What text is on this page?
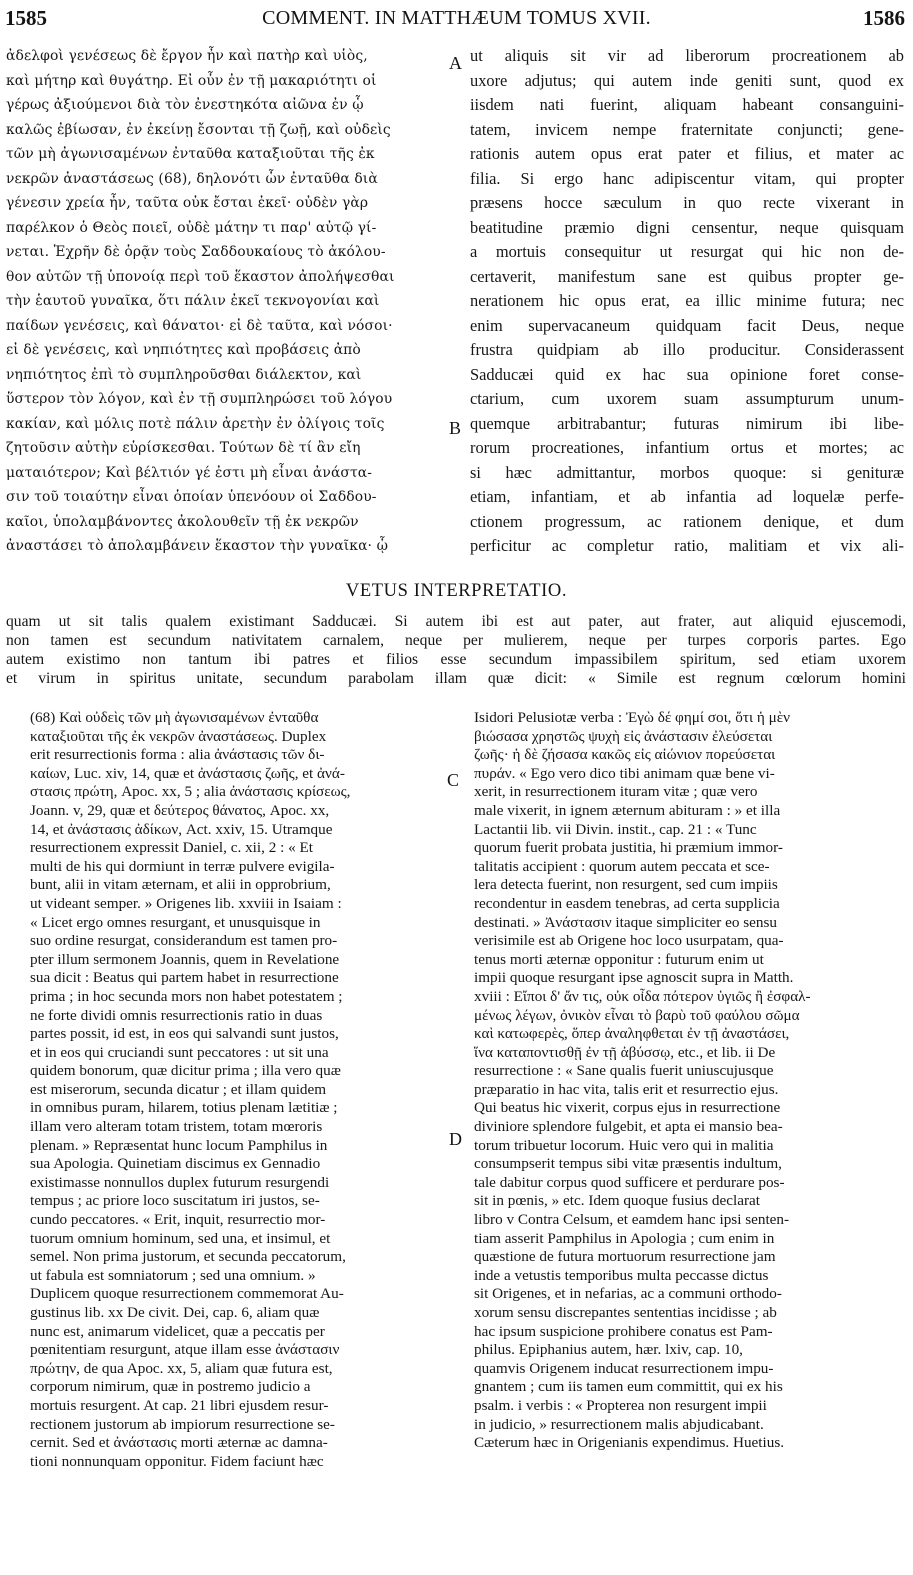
1585	COMMENT. IN MATTHÆUM TOMUS XVII.	1586

ἀδελφοὶ γενέσεως δὲ ἔργον ἦν καὶ πατὴρ καὶ υἱὸς,

καὶ μήτηρ καὶ θυγάτηρ. Εἰ οὖν ἐν τῇ μακαριότητι οἱ

γέρως ἀξιούμενοι διὰ τὸν ἐνεστηκότα αἰῶνα ἐν ᾧ

καλῶς ἐβίωσαν, ἐν ἐκείνῃ ἔσονται τῇ ζωῇ, καὶ οὐδεὶς

τῶν μὴ ἀγωνισαμένων ἐνταῦθα καταξιοῦται τῆς ἐκ

νεκρῶν ἀναστάσεως (68), δηλονότι ὧν ἐνταῦθα διὰ

γένεσιν χρεία ἦν, ταῦτα οὐκ ἔσται ἐκεῖ· οὐδὲν γὰρ

παρέλκον ὁ Θεὸς ποιεῖ, οὐδὲ μάτην τι παρ' αὐτῷ γί-

νεται. Ἐχρῆν δὲ ὁρᾷν τοὺς Σαδδουκαίους τὸ ἀκόλου-

θον αὐτῶν τῇ ὑπονοίᾳ περὶ τοῦ ἕκαστον ἀπολήψεσθαι

τὴν ἑαυτοῦ γυναῖκα, ὅτι πάλιν ἐκεῖ τεκνογονίαι καὶ

παίδων γενέσεις, καὶ θάνατοι· εἰ δὲ ταῦτα, καὶ νόσοι·

εἰ δὲ γενέσεις, καὶ νηπιότητες καὶ προβάσεις ἀπὸ

νηπιότητος ἐπὶ τὸ συμπληροῦσθαι διάλεκτον, καὶ

ὕστερον τὸν λόγον, καὶ ἐν τῇ συμπληρώσει τοῦ λόγου

κακίαν, καὶ μόλις ποτὲ πάλιν ἀρετὴν ἐν ὀλίγοις τοῖς

ζητοῦσιν αὐτὴν εὑρίσκεσθαι. Τούτων δὲ τί ἂν εἴη

ματαιότερον; Καὶ βέλτιόν γέ ἐστι μὴ εἶναι ἀνάστα-

σιν τοῦ τοιαύτην εἶναι ὁποίαν ὑπενόουν οἱ Σαδδου-

καῖοι, ὑπολαμβάνοντες ἀκολουθεῖν τῇ ἐκ νεκρῶν

ἀναστάσει τὸ ἀπολαμβάνειν ἕκαστον τὴν γυναῖκα· ᾧ

ut aliquis sit vir ad liberorum procreationem ab

uxore adjutus; qui autem inde geniti sunt, quod ex

iisdem nati fuerint, aliquam habeant consanguini-

tatem, invicem nempe fraternitate conjuncti; gene-

rationis autem opus erat pater et filius, et mater ac

filia. Si ergo hanc adipiscentur vitam, qui propter

præsens hocce sæculum in quo recte vixerant in

beatitudine præmio digni censentur, neque quisquam

a mortuis consequitur ut resurgat qui hic non de-

certaverit, manifestum sane est quibus propter ge-

nerationem hic opus erat, ea illic minime futura; nec

enim supervacaneum quidquam facit Deus, neque

frustra quidpiam ab illo producitur. Considerassent

Sadducæi quid ex hac sua opinione foret conse-

ctarium, cum uxorem suam assumpturum unum-

quemque arbitrabantur; futuras nimirum ibi libe-

rorum procreationes, infantium ortus et mortes; ac

si hæc admittantur, morbos quoque: si genituræ

etiam, infantiam, et ab infantia ad loquelæ perfe-

ctionem progressum, ac rationem denique, et dum

perficitur ac completur ratio, malitiam et vix ali-

A
B
C
D
VETUS INTERPRETATIO.

quam ut sit talis qualem existimant Sadducæi. Si autem ibi est aut pater, aut frater, aut aliquid ejuscemodi,

non tamen est secundum nativitatem carnalem, neque per mulierem, neque per turpes corporis partes. Ego

autem existimo non tantum ibi patres et filios esse secundum impassibilem spiritum, sed etiam uxorem

et virum in spiritus unitate, secundum parabolam illam quæ dicit: « Simile est regnum cœlorum homini

(68) Καὶ οὐδεὶς τῶν μὴ ἀγωνισαμένων ἐνταῦθα

καταξιοῦται τῆς ἐκ νεκρῶν ἀναστάσεως. Duplex

erit resurrectionis forma : alia ἀνάστασις τῶν δι-

καίων, Luc. xiv, 14, quæ et ἀνάστασις ζωῆς, et ἀνά-

στασις πρώτη, Apoc. xx, 5 ; alia ἀνάστασις κρίσεως,

Joann. v, 29, quæ et δεύτερος θάνατος, Apoc. xx,

14, et ἀνάστασις ἀδίκων, Act. xxiv, 15. Utramque

resurrectionem expressit Daniel, c. xii, 2 : « Et

multi de his qui dormiunt in terræ pulvere evigila-

bunt, alii in vitam æternam, et alii in opprobrium,

ut videant semper. » Origenes lib. xxviii in Isaiam :

« Licet ergo omnes resurgant, et unusquisque in

suo ordine resurgat, considerandum est tamen pro-

pter illum sermonem Joannis, quem in Revelatione

sua dicit : Beatus qui partem habet in resurrectione

prima ; in hoc secunda mors non habet potestatem ;

ne forte dividi omnis resurrectionis ratio in duas

partes possit, id est, in eos qui salvandi sunt justos,

et in eos qui cruciandi sunt peccatores : ut sit una

quidem bonorum, quæ dicitur prima ; illa vero quæ

est miserorum, secunda dicatur ; et illam quidem

in omnibus puram, hilarem, totius plenam lætitiæ ;

illam vero alteram totam tristem, totam mœroris

plenam. » Repræsentat hunc locum Pamphilus in

sua Apologia. Quinetiam discimus ex Gennadio

existimasse nonnullos duplex futurum resurgendi

tempus ; ac priore loco suscitatum iri justos, se-

cundo peccatores. « Erit, inquit, resurrectio mor-

tuorum omnium hominum, sed una, et insimul, et

semel. Non prima justorum, et secunda peccatorum,

ut fabula est somniatorum ; sed una omnium. »

Duplicem quoque resurrectionem commemorat Au-

gustinus lib. xx De civit. Dei, cap. 6, aliam quæ

nunc est, animarum videlicet, quæ a peccatis per

pœnitentiam resurgunt, atque illam esse ἀνάστασιν

πρώτην, de qua Apoc. xx, 5, aliam quæ futura est,

corporum nimirum, quæ in postremo judicio a

mortuis resurgent. At cap. 21 libri ejusdem resur-

rectionem justorum ab impiorum resurrectione se-

cernit. Sed et ἀνάστασις morti æternæ ac damna-

tioni nonnunquam opponitur. Fidem faciunt hæc

Isidori Pelusiotæ verba : Ἐγὼ δέ φημί σοι, ὅτι ἡ μὲν

βιώσασα χρηστῶς ψυχὴ εἰς ἀνάστασιν ἐλεύσεται

ζωῆς· ἡ δὲ ζήσασα κακῶς εἰς αἰώνιον πορεύσεται

πυράν. « Ego vero dico tibi animam quæ bene vi-

xerit, in resurrectionem ituram vitæ ; quæ vero

male vixerit, in ignem æternum abituram : » et illa

Lactantii lib. vii Divin. instit., cap. 21 : « Tunc

quorum fuerit probata justitia, hi præmium immor-

talitatis accipient : quorum autem peccata et sce-

lera detecta fuerint, non resurgent, sed cum impiis

recondentur in easdem tenebras, ad certa supplicia

destinati. » Ἀνάστασιν itaque simpliciter eo sensu

verisimile est ab Origene hoc loco usurpatam, qua-

tenus morti æternæ opponitur : futurum enim ut

impii quoque resurgant ipse agnoscit supra in Matth.

xviii : Εἴποι δ' ἄν τις, οὐκ οἶδα πότερον ὑγιῶς ἢ ἐσφαλ-

μένως λέγων, ὀνικὸν εἶναι τὸ βαρὺ τοῦ φαύλου σῶμα

καὶ κατωφερὲς, ὅπερ ἀναληφθεται ἐν τῇ ἀναστάσει,

ἵνα καταποντισθῇ ἐν τῇ ἀβύσσῳ, etc., et lib. ii De

resurrectione : « Sane qualis fuerit uniuscujusque

præparatio in hac vita, talis erit et resurrectio ejus.

Qui beatus hic vixerit, corpus ejus in resurrectione

diviniore splendore fulgebit, et apta ei mansio bea-

torum tribuetur locorum. Huic vero qui in malitia

consumpserit tempus sibi vitæ præsentis indultum,

tale dabitur corpus quod sufficere et perdurare pos-

sit in pœnis, » etc. Idem quoque fusius declarat

libro v Contra Celsum, et eamdem hanc ipsi senten-

tiam asserit Pamphilus in Apologia ; cum enim in

quæstione de futura mortuorum resurrectione jam

inde a vetustis temporibus multa peccasse dictus

sit Origenes, et in nefarias, ac a communi orthodo-

xorum sensu discrepantes sententias incidisse ; ab

hac ipsum suspicione prohibere conatus est Pam-

philus. Epiphanius autem, hær. lxiv, cap. 10,

quamvis Origenem inducat resurrectionem impu-

gnantem ; cum iis tamen eum committit, qui ex his

psalm. i verbis : « Propterea non resurgent impii

in judicio, » resurrectionem malis abjudicabant.

Cæterum hæc in Origenianis expendimus. Huetius.
